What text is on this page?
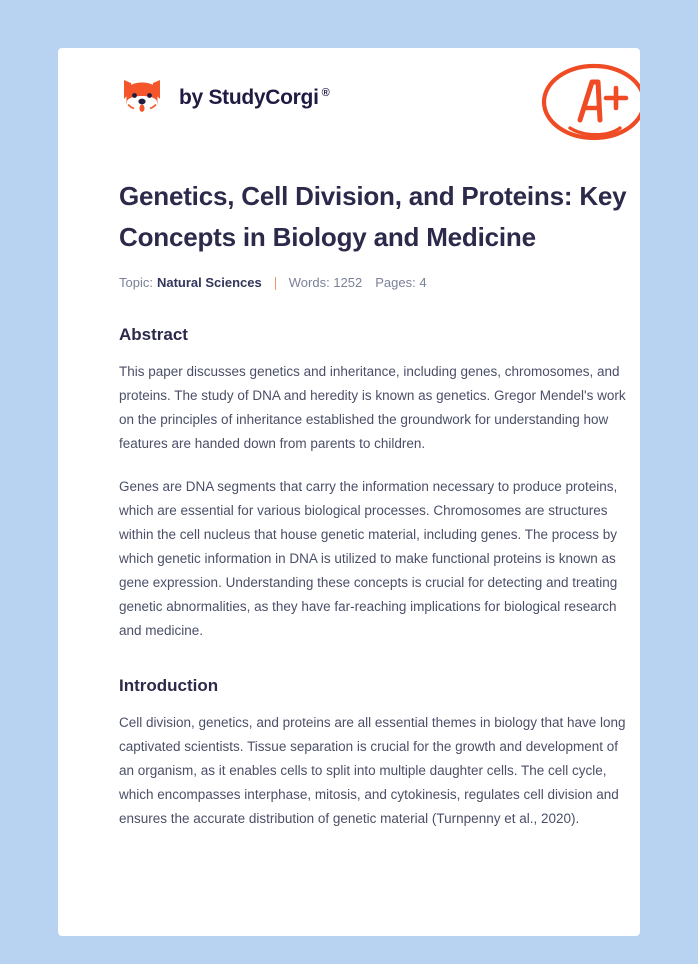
by StudyCorgi ®
Genetics, Cell Division, and Proteins: Key Concepts in Biology and Medicine
Topic: Natural Sciences Words: 1252 Pages: 4
Abstract

This paper discusses genetics and inheritance, including genes, chromosomes, and proteins. The study of DNA and heredity is known as genetics. Gregor Mendel's work on the principles of inheritance established the groundwork for understanding how features are handed down from parents to children.

Genes are DNA segments that carry the information necessary to produce proteins, which are essential for various biological processes. Chromosomes are structures within the cell nucleus that house genetic material, including genes. The process by which genetic information in DNA is utilized to make functional proteins is known as gene expression. Understanding these concepts is crucial for detecting and treating genetic abnormalities, as they have far-reaching implications for biological research and medicine.

Introduction

Cell division, genetics, and proteins are all essential themes in biology that have long captivated scientists. Tissue separation is crucial for the growth and development of an organism, as it enables cells to split into multiple daughter cells. The cell cycle, which encompasses interphase, mitosis, and cytokinesis, regulates cell division and ensures the accurate distribution of genetic material (Turnpenny et al., 2020).
